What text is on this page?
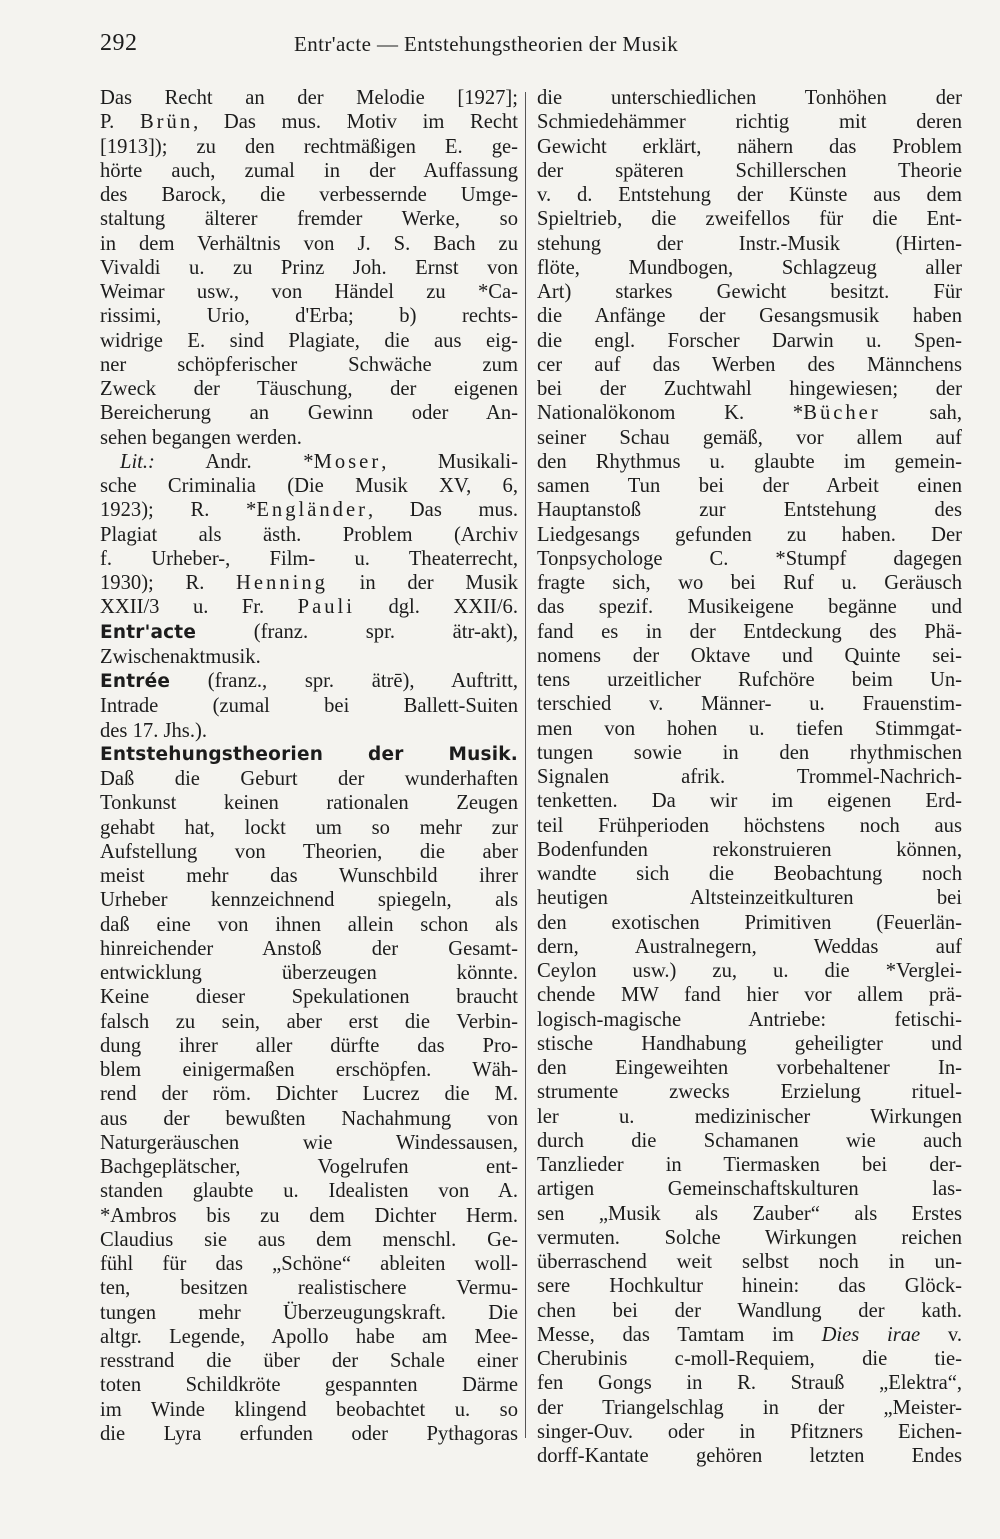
292	Entr'acte — Entstehungstheorien der Musik
Das Recht an der Melodie [1927];
P. Brün, Das mus. Motiv im Recht
[1913]); zu den rechtmäßigen E. ge-
hörte auch, zumal in der Auffassung
des Barock, die verbessernde Umge-
staltung älterer fremder Werke, so
in dem Verhältnis von J. S. Bach zu
Vivaldi u. zu Prinz Joh. Ernst von
Weimar usw., von Händel zu *Ca-
rissimi, Urio, d'Erba; b) rechts-
widrige E. sind Plagiate, die aus eig-
ner schöpferischer Schwäche zum
Zweck der Täuschung, der eigenen
Bereicherung an Gewinn oder An-
sehen begangen werden.
Lit.: Andr. *Moser, Musikali-
sche Criminalia (Die Musik XV, 6,
1923); R. *Engländer, Das mus.
Plagiat als ästh. Problem (Archiv
f. Urheber-, Film- u. Theaterrecht,
1930); R. Henning in der Musik
XXII/3 u. Fr. Pauli dgl. XXII/6.
Entr'acte (franz. spr. ätr-akt),
Zwischenaktmusik.
Entrée (franz., spr. ätrē), Auftritt,
Intrade (zumal bei Ballett-Suiten
des 17. Jhs.).
Entstehungstheorien der Musik.
Daß die Geburt der wunderhaften
Tonkunst keinen rationalen Zeugen
gehabt hat, lockt um so mehr zur
Aufstellung von Theorien, die aber
meist mehr das Wunschbild ihrer
Urheber kennzeichnend spiegeln, als
daß eine von ihnen allein schon als
hinreichender Anstoß der Gesamt-
entwicklung überzeugen könnte.
Keine dieser Spekulationen braucht
falsch zu sein, aber erst die Verbin-
dung ihrer aller dürfte das Pro-
blem einigermaßen erschöpfen. Wäh-
rend der röm. Dichter Lucrez die M.
aus der bewußten Nachahmung von
Naturgeräuschen wie Windessausen,
Bachgeplätscher, Vogelrufen ent-
standen glaubte u. Idealisten von A.
*Ambros bis zu dem Dichter Herm.
Claudius sie aus dem menschl. Ge-
fühl für das „Schöne“ ableiten woll-
ten, besitzen realistischere Vermu-
tungen mehr Überzeugungskraft. Die
altgr. Legende, Apollo habe am Mee-
resstrand die über der Schale einer
toten Schildkröte gespannten Därme
im Winde klingend beobachtet u. so
die Lyra erfunden oder Pythagoras
die unterschiedlichen Tonhöhen der
Schmiedehämmer richtig mit deren
Gewicht erklärt, nähern das Problem
der späteren Schillerschen Theorie
v. d. Entstehung der Künste aus dem
Spieltrieb, die zweifellos für die Ent-
stehung der Instr.-Musik (Hirten-
flöte, Mundbogen, Schlagzeug aller
Art) starkes Gewicht besitzt. Für
die Anfänge der Gesangsmusik haben
die engl. Forscher Darwin u. Spen-
cer auf das Werben des Männchens
bei der Zuchtwahl hingewiesen; der
Nationalökonom K. *Bücher sah,
seiner Schau gemäß, vor allem auf
den Rhythmus u. glaubte im gemein-
samen Tun bei der Arbeit einen
Hauptanstoß zur Entstehung des
Liedgesangs gefunden zu haben. Der
Tonpsychologe C. *Stumpf dagegen
fragte sich, wo bei Ruf u. Geräusch
das spezif. Musikeigene begänne und
fand es in der Entdeckung des Phä-
nomens der Oktave und Quinte sei-
tens urzeitlicher Rufchöre beim Un-
terschied v. Männer- u. Frauenstim-
men von hohen u. tiefen Stimmgat-
tungen sowie in den rhythmischen
Signalen afrik. Trommel-Nachrich-
tenketten. Da wir im eigenen Erd-
teil Frühperioden höchstens noch aus
Bodenfunden rekonstruieren können,
wandte sich die Beobachtung noch
heutigen Altsteinzeitkulturen bei
den exotischen Primitiven (Feuerlän-
dern, Australnegern, Weddas auf
Ceylon usw.) zu, u. die *Verglei-
chende MW fand hier vor allem prä-
logisch-magische Antriebe: fetischi-
stische Handhabung geheiligter und
den Eingeweihten vorbehaltener In-
strumente zwecks Erzielung rituel-
ler u. medizinischer Wirkungen
durch die Schamanen wie auch
Tanzlieder in Tiermasken bei der-
artigen Gemeinschaftskulturen las-
sen „Musik als Zauber“ als Erstes
vermuten. Solche Wirkungen reichen
überraschend weit selbst noch in un-
sere Hochkultur hinein: das Glöck-
chen bei der Wandlung der kath.
Messe, das Tamtam im Dies irae v.
Cherubinis c-moll-Requiem, die tie-
fen Gongs in R. Strauß „Elektra“,
der Triangelschlag in der „Meister-
singer-Ouv. oder in Pfitzners Eichen-
dorff-Kantate gehören letzten Endes
